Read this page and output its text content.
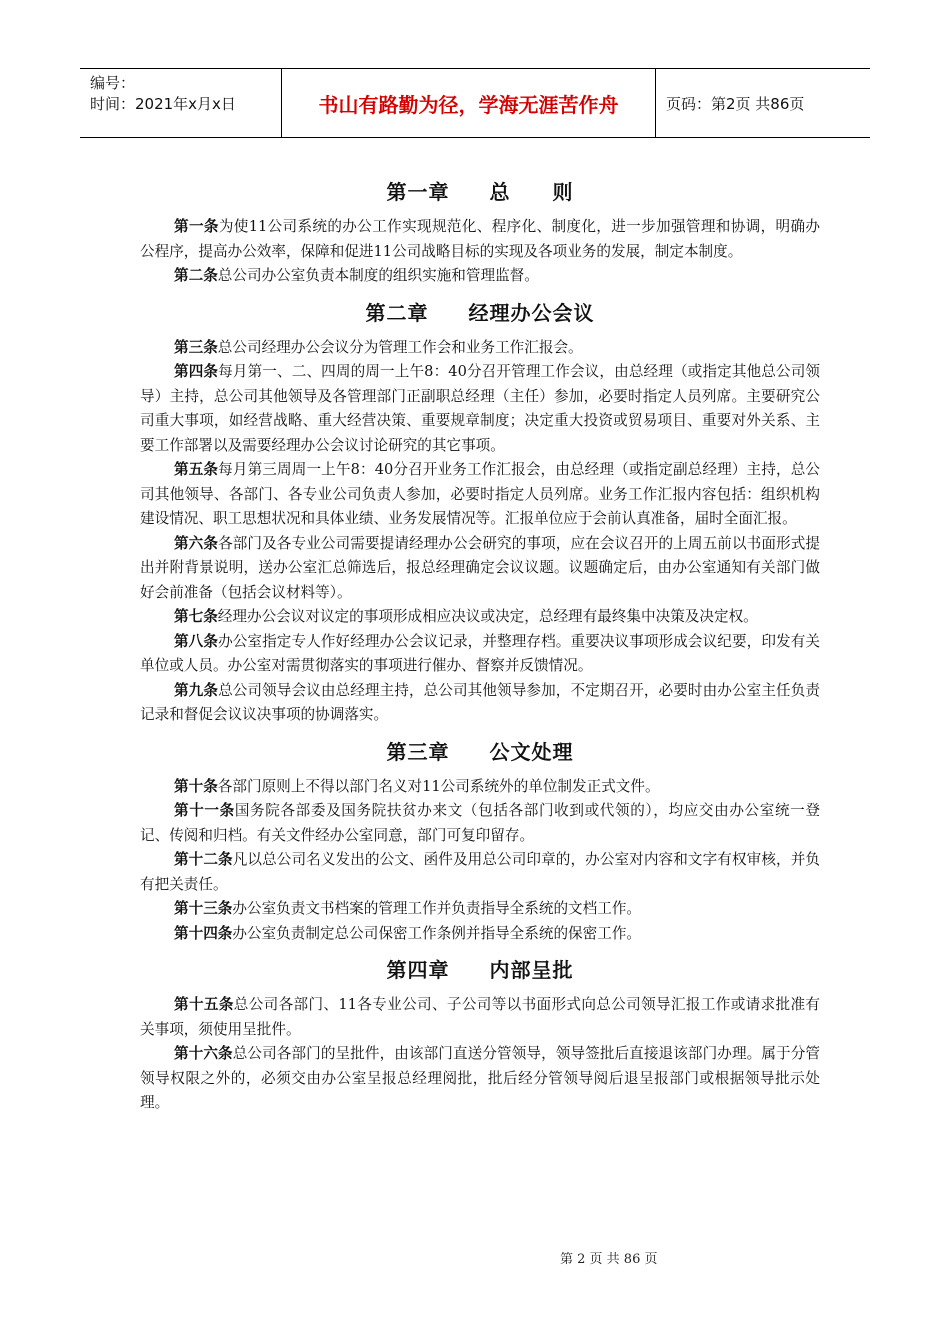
编号：
时间：2021年x月x日	书山有路勤为径，学海无涯苦作舟	页码：第2页 共86页
第一章 总　　则

第一条为使11公司系统的办公工作实现规范化、程序化、制度化，进一步加强管理和协调，明确办公程序，提高办公效率，保障和促进11公司战略目标的实现及各项业务的发展，制定本制度。

第二条总公司办公室负责本制度的组织实施和管理监督。

第二章 经理办公会议

第三条总公司经理办公会议分为管理工作会和业务工作汇报会。

第四条每月第一、二、四周的周一上午8：40分召开管理工作会议，由总经理（或指定其他总公司领导）主持，总公司其他领导及各管理部门正副职总经理（主任）参加，必要时指定人员列席。主要研究公司重大事项，如经营战略、重大经营决策、重要规章制度；决定重大投资或贸易项目、重要对外关系、主要工作部署以及需要经理办公会议讨论研究的其它事项。

第五条每月第三周周一上午8：40分召开业务工作汇报会，由总经理（或指定副总经理）主持，总公司其他领导、各部门、各专业公司负责人参加，必要时指定人员列席。业务工作汇报内容包括：组织机构建设情况、职工思想状况和具体业绩、业务发展情况等。汇报单位应于会前认真准备，届时全面汇报。

第六条各部门及各专业公司需要提请经理办公会研究的事项，应在会议召开的上周五前以书面形式提出并附背景说明，送办公室汇总筛选后，报总经理确定会议议题。议题确定后，由办公室通知有关部门做好会前准备（包括会议材料等）。

第七条经理办公会议对议定的事项形成相应决议或决定，总经理有最终集中决策及决定权。

第八条办公室指定专人作好经理办公会议记录，并整理存档。重要决议事项形成会议纪要，印发有关单位或人员。办公室对需贯彻落实的事项进行催办、督察并反馈情况。

第九条总公司领导会议由总经理主持，总公司其他领导参加，不定期召开，必要时由办公室主任负责记录和督促会议议决事项的协调落实。

第三章 公文处理

第十条各部门原则上不得以部门名义对11公司系统外的单位制发正式文件。

第十一条国务院各部委及国务院扶贫办来文（包括各部门收到或代领的），均应交由办公室统一登记、传阅和归档。有关文件经办公室同意，部门可复印留存。

第十二条凡以总公司名义发出的公文、函件及用总公司印章的，办公室对内容和文字有权审核，并负有把关责任。

第十三条办公室负责文书档案的管理工作并负责指导全系统的文档工作。

第十四条办公室负责制定总公司保密工作条例并指导全系统的保密工作。

第四章 内部呈批

第十五条总公司各部门、11各专业公司、子公司等以书面形式向总公司领导汇报工作或请求批准有关事项，须使用呈批件。

第十六条总公司各部门的呈批件，由该部门直送分管领导，领导签批后直接退该部门办理。属于分管领导权限之外的，必须交由办公室呈报总经理阅批，批后经分管领导阅后退呈报部门或根据领导批示处理。

第 2 页 共 86 页
